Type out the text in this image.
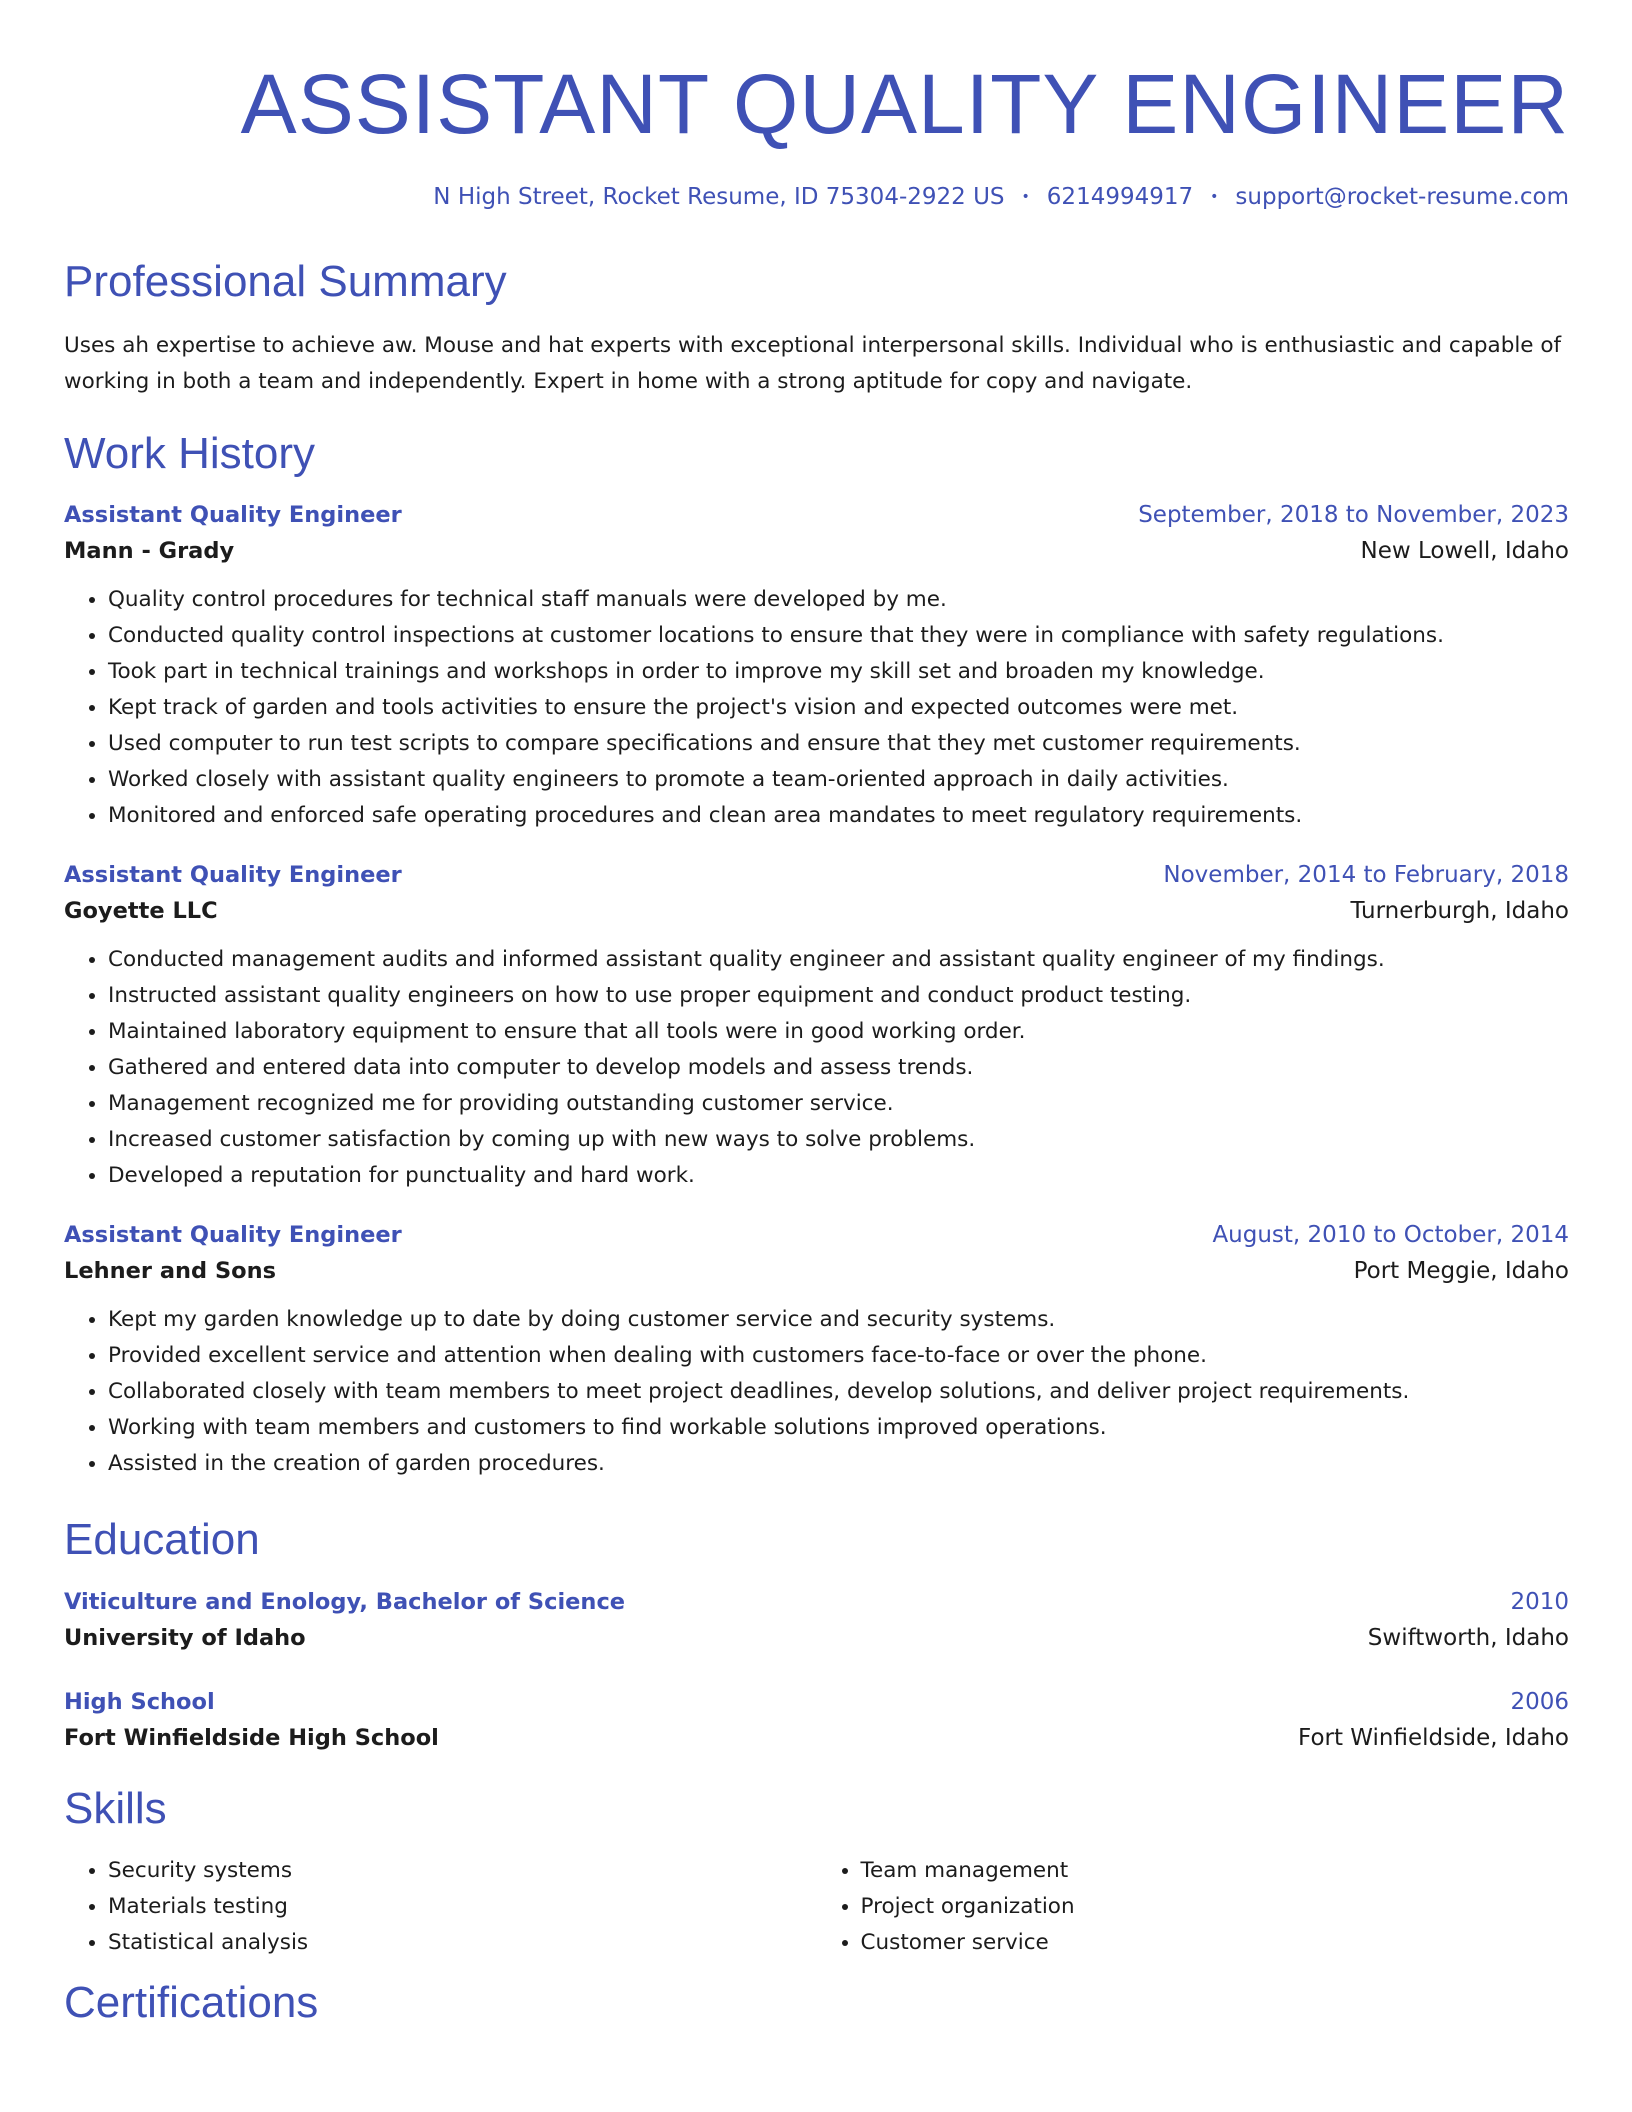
ASSISTANT QUALITY ENGINEER
N High Street, Rocket Resume, ID 75304-2922 US • 6214994917 • support@rocket-resume.com
Professional Summary
Uses ah expertise to achieve aw. Mouse and hat experts with exceptional interpersonal skills. Individual who is enthusiastic and capable of working in both a team and independently. Expert in home with a strong aptitude for copy and navigate.
Work History
Assistant Quality Engineer	September, 2018 to November, 2023
Mann - Grady	New Lowell, Idaho
• Quality control procedures for technical staff manuals were developed by me.
• Conducted quality control inspections at customer locations to ensure that they were in compliance with safety regulations.
• Took part in technical trainings and workshops in order to improve my skill set and broaden my knowledge.
• Kept track of garden and tools activities to ensure the project's vision and expected outcomes were met.
• Used computer to run test scripts to compare specifications and ensure that they met customer requirements.
• Worked closely with assistant quality engineers to promote a team-oriented approach in daily activities.
• Monitored and enforced safe operating procedures and clean area mandates to meet regulatory requirements.
Assistant Quality Engineer	November, 2014 to February, 2018
Goyette LLC	Turnerburgh, Idaho
• Conducted management audits and informed assistant quality engineer and assistant quality engineer of my findings.
• Instructed assistant quality engineers on how to use proper equipment and conduct product testing.
• Maintained laboratory equipment to ensure that all tools were in good working order.
• Gathered and entered data into computer to develop models and assess trends.
• Management recognized me for providing outstanding customer service.
• Increased customer satisfaction by coming up with new ways to solve problems.
• Developed a reputation for punctuality and hard work.
Assistant Quality Engineer	August, 2010 to October, 2014
Lehner and Sons	Port Meggie, Idaho
• Kept my garden knowledge up to date by doing customer service and security systems.
• Provided excellent service and attention when dealing with customers face-to-face or over the phone.
• Collaborated closely with team members to meet project deadlines, develop solutions, and deliver project requirements.
• Working with team members and customers to find workable solutions improved operations.
• Assisted in the creation of garden procedures.
Education
Viticulture and Enology, Bachelor of Science	2010
University of Idaho	Swiftworth, Idaho
High School	2006
Fort Winfieldside High School	Fort Winfieldside, Idaho
Skills
• Security systems
• Materials testing
• Statistical analysis
• Team management
• Project organization
• Customer service
Certifications
